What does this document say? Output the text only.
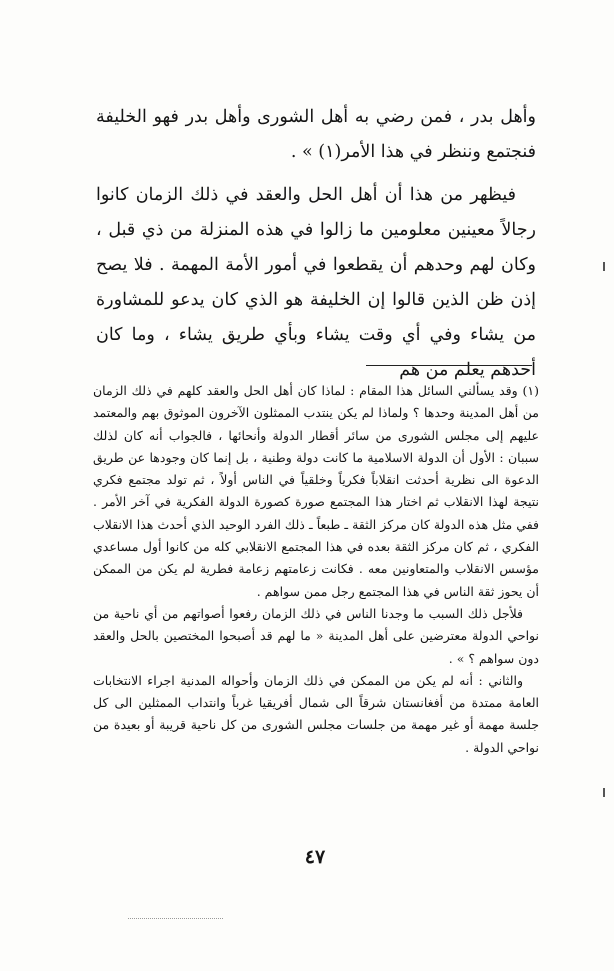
وأهل بدر ، فمن رضي به أهل الشورى وأهل بدر فهو الخليفة فنجتمع وننظر في هذا الأمر(١) » .

فيظهر من هذا أن أهل الحل والعقد في ذلك الزمان كانوا رجالاً معينين معلومين ما زالوا في هذه المنزلة من ذي قبل ، وكان لهم وحدهم أن يقطعوا في أمور الأمة المهمة . فلا يصح إذن ظن الذين قالوا إن الخليفة هو الذي كان يدعو للمشاورة من يشاء وفي أي وقت يشاء وبأي طريق يشاء ، وما كان أحدهم يعلم من هم

(١) وقد يسألني السائل هذا المقام : لماذا كان أهل الحل والعقد كلهم في ذلك الزمان من أهل المدينة وحدها ؟ ولماذا لم يكن ينتدب الممثلون الآخرون الموثوق بهم والمعتمد عليهم إلى مجلس الشورى من سائر أقطار الدولة وأنحائها ، فالجواب أنه كان لذلك سببان : الأول أن الدولة الاسلامية ما كانت دولة وطنية ، بل إنما كان وجودها عن طريق الدعوة الى نظرية أحدثت انقلاباً فكرياً وخلقياً في الناس أولاً ، ثم تولد مجتمع فكري نتيجة لهذا الانقلاب ثم اختار هذا المجتمع صورة كصورة الدولة الفكرية في آخر الأمر . ففي مثل هذه الدولة كان مركز الثقة ـ طبعاً ـ ذلك الفرد الوحيد الذي أحدث هذا الانقلاب الفكري ، ثم كان مركز الثقة بعده في هذا المجتمع الانقلابي كله من كانوا أول مساعدي مؤسس الانقلاب والمتعاونين معه . فكانت زعامتهم زعامة فطرية لم يكن من الممكن أن يحوز ثقة الناس في هذا المجتمع رجل ممن سواهم .

فلأجل ذلك السبب ما وجدنا الناس في ذلك الزمان رفعوا أصواتهم من أي ناحية من نواحي الدولة معترضين على أهل المدينة « ما لهم قد أصبحوا المختصين بالحل والعقد دون سواهم ؟ » .

والثاني : أنه لم يكن من الممكن في ذلك الزمان وأحواله المدنية اجراء الانتخابات العامة ممتدة من أفغانستان شرقاً الى شمال أفريقيا غرباً وانتداب الممثلين الى كل جلسة مهمة أو غير مهمة من جلسات مجلس الشورى من كل ناحية قريبة أو بعيدة من نواحي الدولة .

٤٧
